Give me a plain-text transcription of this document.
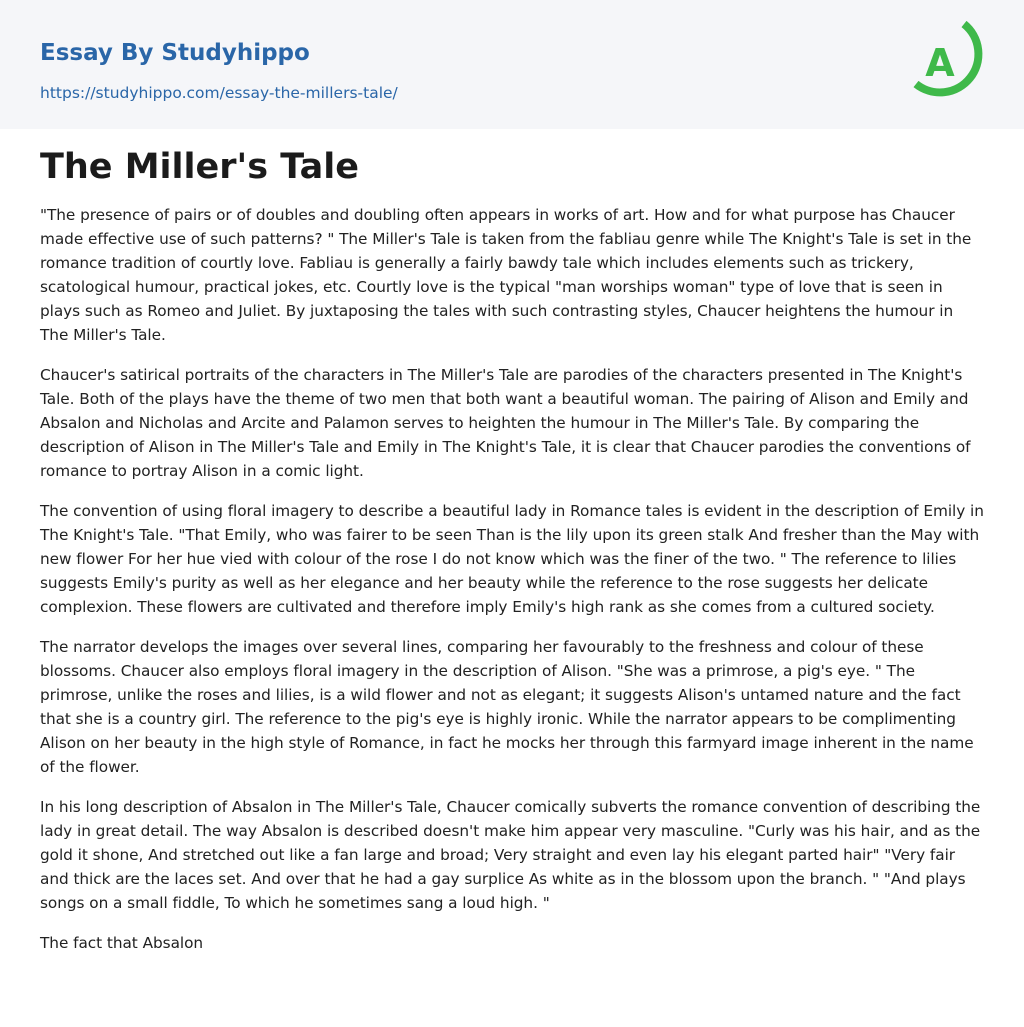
Essay By Studyhippo
https://studyhippo.com/essay-the-millers-tale/
A
The Miller's Tale

"The presence of pairs or of doubles and doubling often appears in works of art. How and for what purpose has Chaucer made effective use of such patterns? " The Miller's Tale is taken from the fabliau genre while The Knight's Tale is set in the romance tradition of courtly love. Fabliau is generally a fairly bawdy tale which includes elements such as trickery, scatological humour, practical jokes, etc. Courtly love is the typical "man worships woman" type of love that is seen in plays such as Romeo and Juliet. By juxtaposing the tales with such contrasting styles, Chaucer heightens the humour in The Miller's Tale.

Chaucer's satirical portraits of the characters in The Miller's Tale are parodies of the characters presented in The Knight's Tale. Both of the plays have the theme of two men that both want a beautiful woman. The pairing of Alison and Emily and Absalon and Nicholas and Arcite and Palamon serves to heighten the humour in The Miller's Tale. By comparing the description of Alison in The Miller's Tale and Emily in The Knight's Tale, it is clear that Chaucer parodies the conventions of romance to portray Alison in a comic light.

The convention of using floral imagery to describe a beautiful lady in Romance tales is evident in the description of Emily in The Knight's Tale. "That Emily, who was fairer to be seen Than is the lily upon its green stalk And fresher than the May with new flower For her hue vied with colour of the rose I do not know which was the finer of the two. " The reference to lilies suggests Emily's purity as well as her elegance and her beauty while the reference to the rose suggests her delicate complexion. These flowers are cultivated and therefore imply Emily's high rank as she comes from a cultured society.

The narrator develops the images over several lines, comparing her favourably to the freshness and colour of these blossoms. Chaucer also employs floral imagery in the description of Alison. "She was a primrose, a pig's eye. " The primrose, unlike the roses and lilies, is a wild flower and not as elegant; it suggests Alison's untamed nature and the fact that she is a country girl. The reference to the pig's eye is highly ironic. While the narrator appears to be complimenting Alison on her beauty in the high style of Romance, in fact he mocks her through this farmyard image inherent in the name of the flower.

In his long description of Absalon in The Miller's Tale, Chaucer comically subverts the romance convention of describing the lady in great detail. The way Absalon is described doesn't make him appear very masculine. "Curly was his hair, and as the gold it shone, And stretched out like a fan large and broad; Very straight and even lay his elegant parted hair" "Very fair and thick are the laces set. And over that he had a gay surplice As white as in the blossom upon the branch. " "And plays songs on a small fiddle, To which he sometimes sang a loud high. "

The fact that Absalon
